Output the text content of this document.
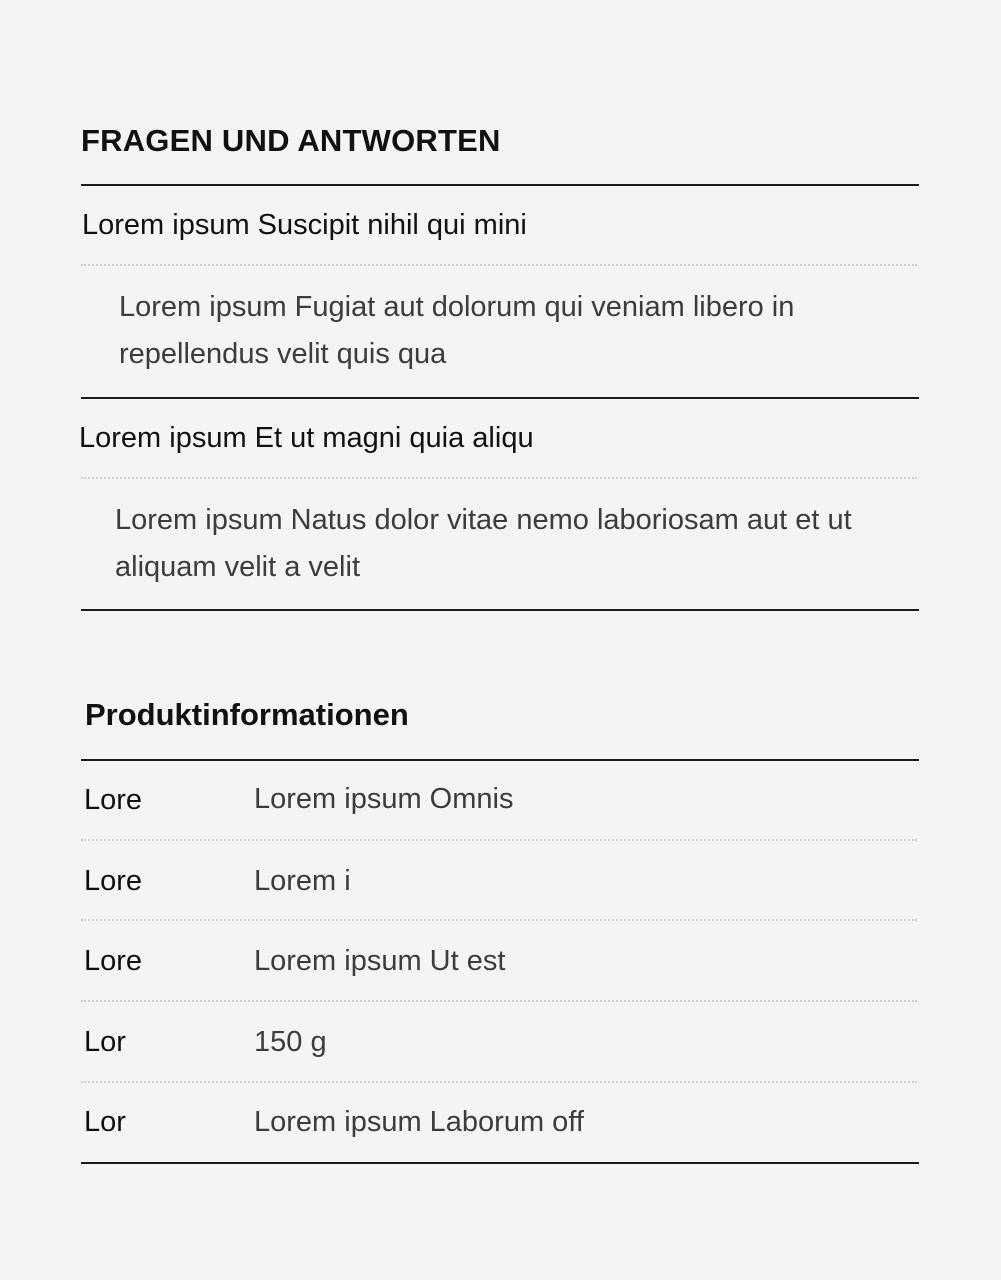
FRAGEN UND ANTWORTEN

Lorem ipsum Suscipit nihil qui mini

Lorem ipsum Fugiat aut dolorum qui veniam libero in repellendus velit quis qua

Lorem ipsum Et ut magni quia aliqu

Lorem ipsum Natus dolor vitae nemo laboriosam aut et ut aliquam velit a velit

Produktinformationen
Lore	Lorem ipsum Omnis
Lore	Lorem i
Lore	Lorem ipsum Ut est
Lor	150 g
Lor	Lorem ipsum Laborum off
